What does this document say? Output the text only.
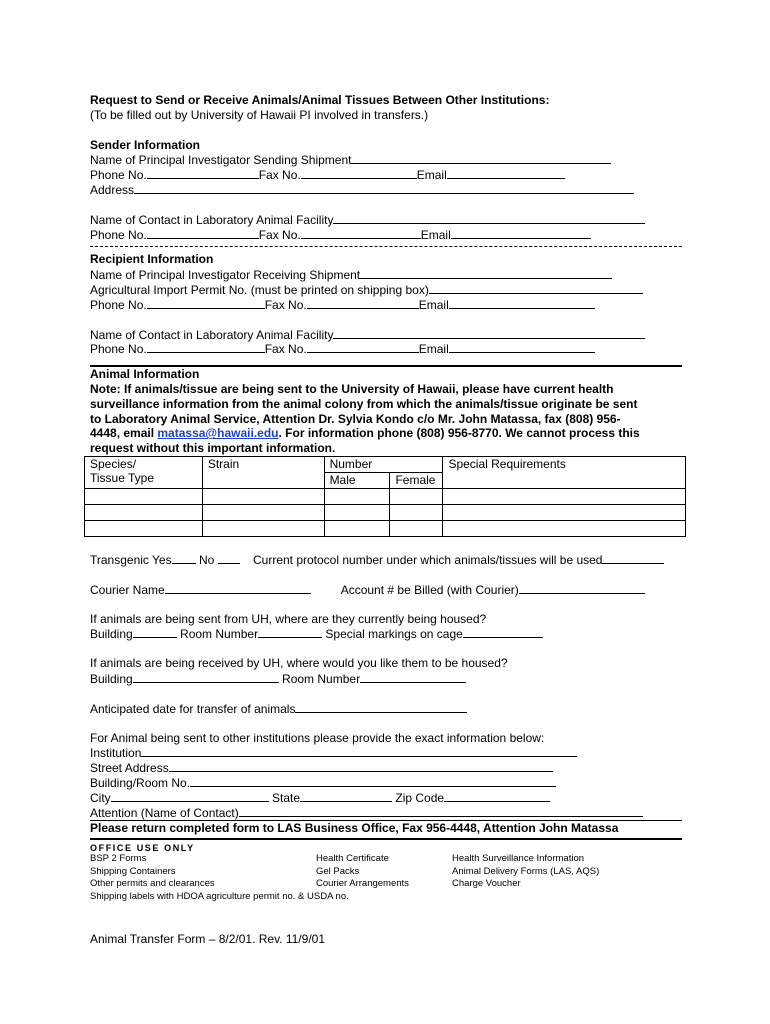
Request to Send or Receive Animals/Animal Tissues Between Other Institutions:
(To be filled out by University of Hawaii PI involved in transfers.)
Sender Information
Name of Principal Investigator Sending Shipment
Phone No.	Fax No.	Email
Address
Name of Contact in Laboratory Animal Facility
Phone No.	Fax No.	Email
Recipient Information
Name of Principal Investigator Receiving Shipment
Agricultural Import Permit No. (must be printed on shipping box)
Phone No.	Fax No.	Email
Name of Contact in Laboratory Animal Facility
Phone No.	Fax No.	Email
Animal Information
Note: If animals/tissue are being sent to the University of Hawaii, please have current health
surveillance information from the animal colony from which the animals/tissue originate be sent
to Laboratory Animal Service, Attention Dr. Sylvia Kondo c/o Mr. John Matassa, fax (808) 956-
4448, email matassa@hawaii.edu. For information phone (808) 956-8770. We cannot process this
request without this important information.
Species/
Tissue Type	Strain	Number		Special Requirements
		Male	Female	

Transgenic Yes No	Current protocol number under which animals/tissues will be used
Courier Name	Account # be Billed (with Courier)
If animals are being sent from UH, where are they currently being housed?
Building	Room Number	Special markings on cage
If animals are being received by UH, where would you like them to be housed?
Building	Room Number
Anticipated date for transfer of animals
For Animal being sent to other institutions please provide the exact information below:
Institution
Street Address
Building/Room No.
City	State	Zip Code
Attention (Name of Contact)
Please return completed form to LAS Business Office, Fax 956-4448, Attention John Matassa
OFFICE USE ONLY
BSP 2 Forms	Health Certificate	Health Surveillance Information
Shipping Containers	Gel Packs	Animal Delivery Forms (LAS, AQS)
Other permits and clearances	Courier Arrangements	Charge Voucher
Shipping labels with HDOA agriculture permit no. & USDA no.
Animal Transfer Form – 8/2/01. Rev. 11/9/01
